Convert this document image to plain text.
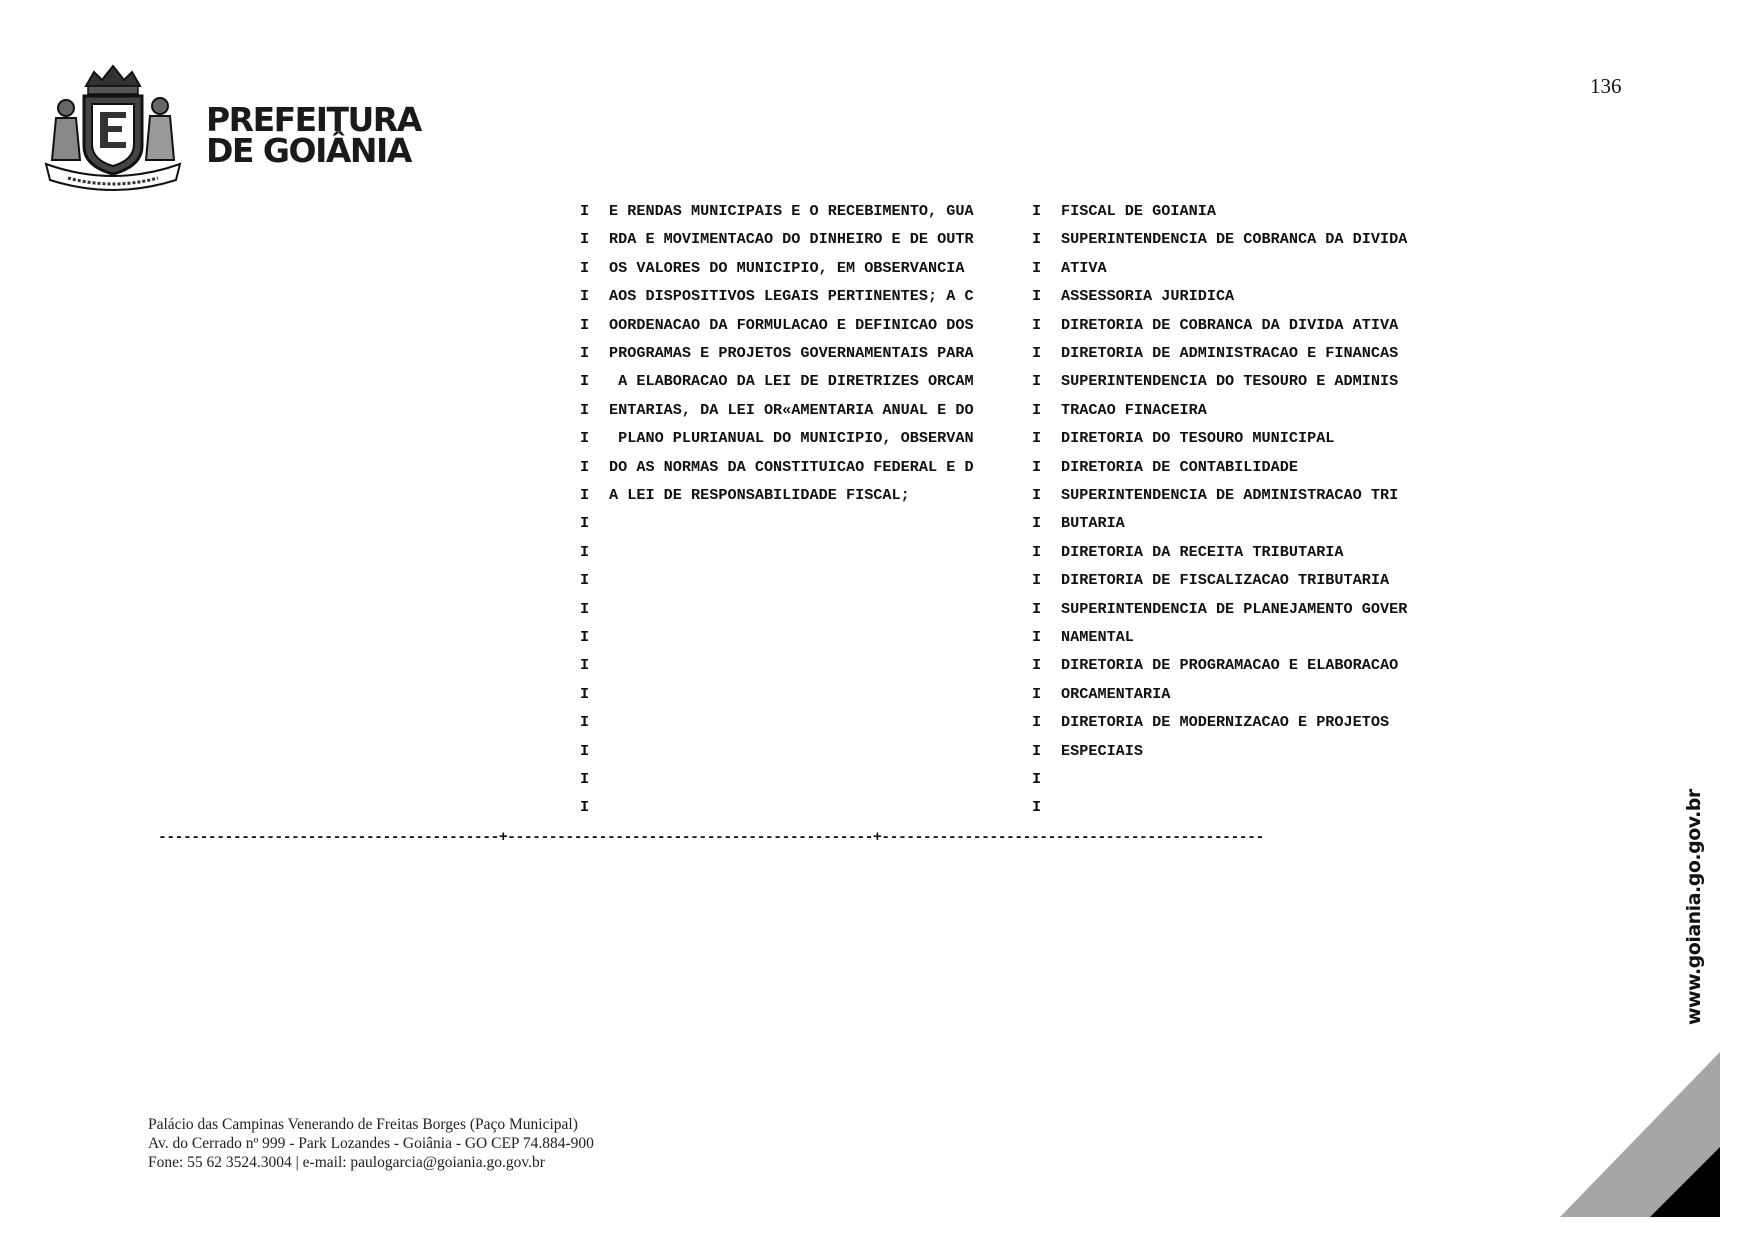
PREFEITURA
DE GOIÂNIA
136
I E RENDAS MUNICIPAIS E O RECEBIMENTO, GUA	I FISCAL DE GOIANIA
I RDA E MOVIMENTACAO DO DINHEIRO E DE OUTR	I SUPERINTENDENCIA DE COBRANCA DA DIVIDA
I OS VALORES DO MUNICIPIO, EM OBSERVANCIA	I ATIVA
I AOS DISPOSITIVOS LEGAIS PERTINENTES; A C	I ASSESSORIA JURIDICA
I OORDENACAO DA FORMULACAO E DEFINICAO DOS	I DIRETORIA DE COBRANCA DA DIVIDA ATIVA
I PROGRAMAS E PROJETOS GOVERNAMENTAIS PARA	I DIRETORIA DE ADMINISTRACAO E FINANCAS
I A ELABORACAO DA LEI DE DIRETRIZES ORCAM	I SUPERINTENDENCIA DO TESOURO E ADMINIS
I ENTARIAS, DA LEI OR«AMENTARIA ANUAL E DO	I TRACAO FINACEIRA
I PLANO PLURIANUAL DO MUNICIPIO, OBSERVAN	I DIRETORIA DO TESOURO MUNICIPAL
I DO AS NORMAS DA CONSTITUICAO FEDERAL E D	I DIRETORIA DE CONTABILIDADE
I A LEI DE RESPONSABILIDADE FISCAL;	I SUPERINTENDENCIA DE ADMINISTRACAO TRI
I	I BUTARIA
I	I DIRETORIA DA RECEITA TRIBUTARIA
I	I DIRETORIA DE FISCALIZACAO TRIBUTARIA
I	I SUPERINTENDENCIA DE PLANEJAMENTO GOVER
I	I NAMENTAL
I	I DIRETORIA DE PROGRAMACAO E ELABORACAO
I	I ORCAMENTARIA
I	I DIRETORIA DE MODERNIZACAO E PROJETOS
I	I ESPECIAIS
I	I
I	I
-----------------------------------------+--------------------------------------------+----------------------------------------------
Palácio das Campinas Venerando de Freitas Borges (Paço Municipal)
Av. do Cerrado nº 999 - Park Lozandes - Goiânia - GO CEP 74.884-900
Fone: 55 62 3524.3004 | e-mail: paulogarcia@goiania.go.gov.br
www.goiania.go.gov.br
